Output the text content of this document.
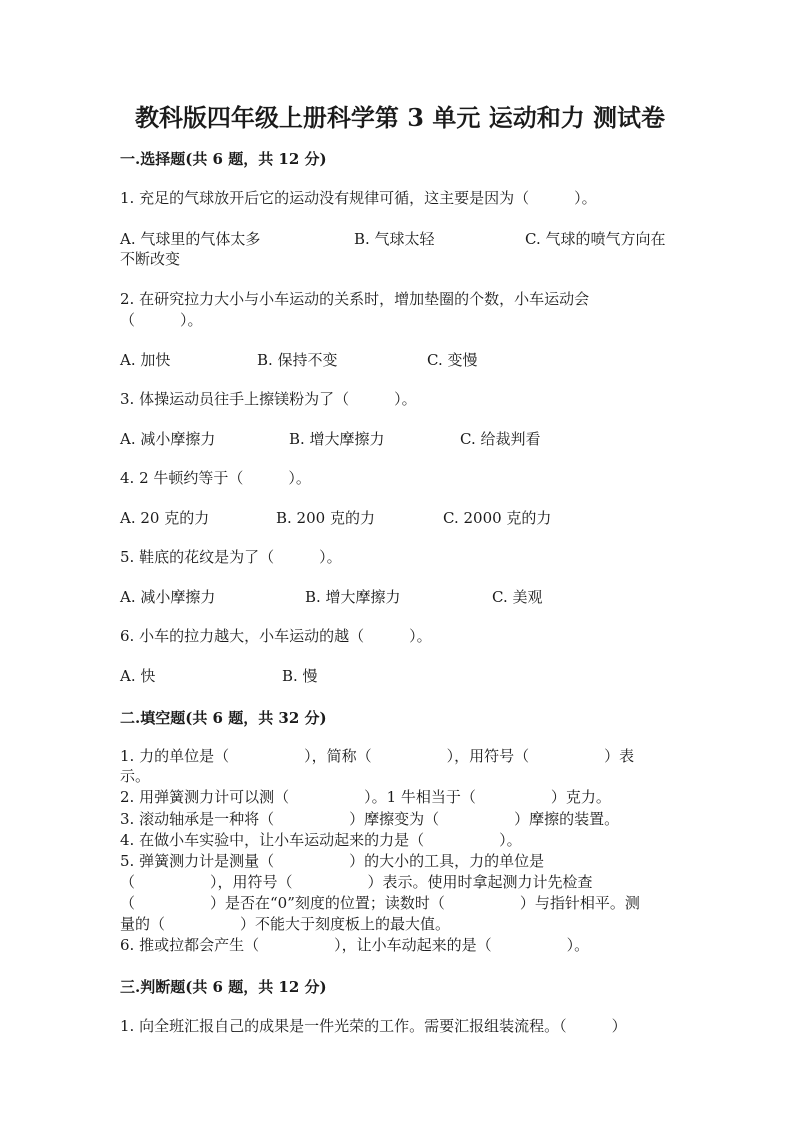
教科版四年级上册科学第 3 单元 运动和力 测试卷
一.选择题(共 6 题，共 12 分)
1. 充足的气球放开后它的运动没有规律可循，这主要是因为（　　　）。
A. 气球里的气体太多	B. 气球太轻	C. 气球的喷气方向在
不断改变
2. 在研究拉力大小与小车运动的关系时，增加垫圈的个数，小车运动会
（　　　）。
A. 加快	B. 保持不变	C. 变慢
3. 体操运动员往手上擦镁粉为了（　　　）。
A. 减小摩擦力	B. 增大摩擦力	C. 给裁判看
4. 2 牛顿约等于（　　　）。
A. 20 克的力	B. 200 克的力	C. 2000 克的力
5. 鞋底的花纹是为了（　　　）。
A. 减小摩擦力	B. 增大摩擦力	C. 美观
6. 小车的拉力越大，小车运动的越（　　　）。
A. 快	B. 慢
二.填空题(共 6 题，共 32 分)
1. 力的单位是（　　　　　），简称（　　　　　），用符号（　　　　　）表
示。
2. 用弹簧测力计可以测（　　　　　）。1 牛相当于（　　　　　）克力。
3. 滚动轴承是一种将（　　　　　）摩擦变为（　　　　　）摩擦的装置。
4. 在做小车实验中，让小车运动起来的力是（　　　　　）。
5. 弹簧测力计是测量（　　　　　）的大小的工具，力的单位是
（　　　　　），用符号（　　　　　）表示。使用时拿起测力计先检查
（　　　　　）是否在“0”刻度的位置；读数时（　　　　　）与指针相平。测
量的（　　　　　）不能大于刻度板上的最大值。
6. 推或拉都会产生（　　　　　），让小车动起来的是（　　　　　）。
三.判断题(共 6 题，共 12 分)
1. 向全班汇报自己的成果是一件光荣的工作。需要汇报组装流程。（　　　）
